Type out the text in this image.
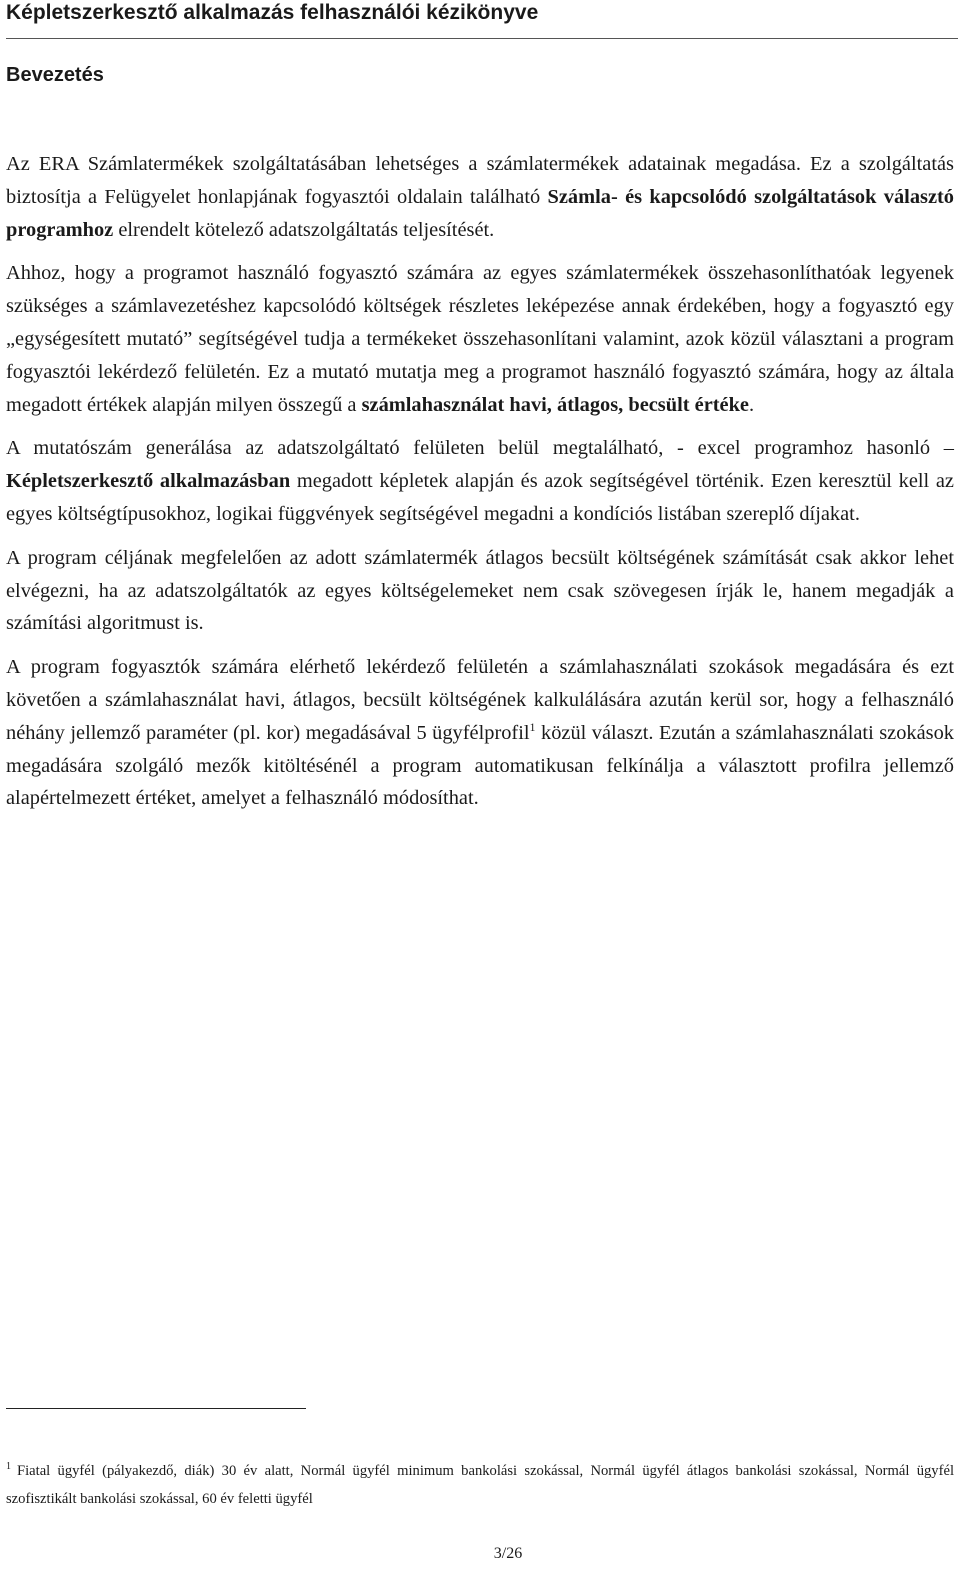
Képletszerkesztő alkalmazás felhasználói kézikönyve
Bevezetés

Az ERA Számlatermékek szolgáltatásában lehetséges a számlatermékek adatainak megadása. Ez a szolgáltatás biztosítja a Felügyelet honlapjának fogyasztói oldalain található Számla- és kapcsolódó szolgáltatások választó programhoz elrendelt kötelező adatszolgáltatás teljesítését.

Ahhoz, hogy a programot használó fogyasztó számára az egyes számlatermékek összehasonlíthatóak legyenek szükséges a számlavezetéshez kapcsolódó költségek részletes leképezése annak érdekében, hogy a fogyasztó egy „egységesített mutató” segítségével tudja a termékeket összehasonlítani valamint, azok közül választani a program fogyasztói lekérdező felületén. Ez a mutató mutatja meg a programot használó fogyasztó számára, hogy az általa megadott értékek alapján milyen összegű a számlahasználat havi, átlagos, becsült értéke.

A mutatószám generálása az adatszolgáltató felületen belül megtalálható, - excel programhoz hasonló – Képletszerkesztő alkalmazásban megadott képletek alapján és azok segítségével történik. Ezen keresztül kell az egyes költségtípusokhoz, logikai függvények segítségével megadni a kondíciós listában szereplő díjakat.

A program céljának megfelelően az adott számlatermék átlagos becsült költségének számítását csak akkor lehet elvégezni, ha az adatszolgáltatók az egyes költségelemeket nem csak szövegesen írják le, hanem megadják a számítási algoritmust is.

A program fogyasztók számára elérhető lekérdező felületén a számlahasználati szokások megadására és ezt követően a számlahasználat havi, átlagos, becsült költségének kalkulálására azután kerül sor, hogy a felhasználó néhány jellemző paraméter (pl. kor) megadásával 5 ügyfélprofil$^1$ közül választ. Ezután a számlahasználati szokások megadására szolgáló mezők kitöltésénél a program automatikusan felkínálja a választott profilra jellemző alapértelmezett értéket, amelyet a felhasználó módosíthat.

$^1$ Fiatal ügyfél (pályakezdő, diák) 30 év alatt, Normál ügyfél minimum bankolási szokással, Normál ügyfél átlagos bankolási szokással, Normál ügyfél szofisztikált bankolási szokással, 60 év feletti ügyfél
3/26
